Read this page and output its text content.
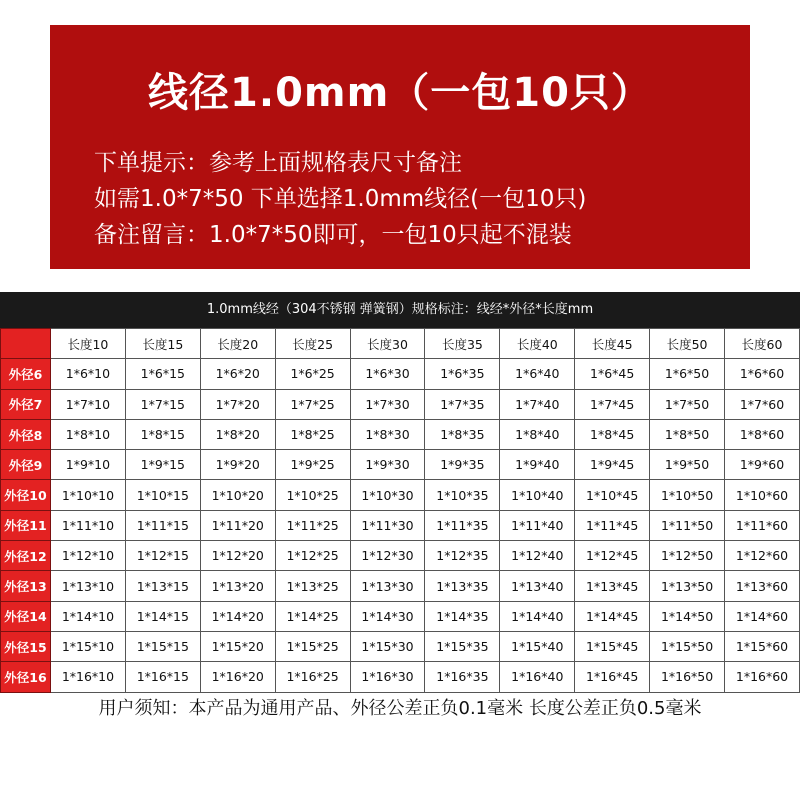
线径1.0mm（一包10只）
下单提示：参考上面规格表尺寸备注
如需1.0*7*50 下单选择1.0mm线径(一包10只)
备注留言：1.0*7*50即可，一包10只起不混装
1.0mm线经（304不锈钢 弹簧钢）规格标注：线经*外径*长度mm
	长度10	长度15	长度20	长度25	长度30	长度35	长度40	长度45	长度50	长度60
外径6	1*6*10	1*6*15	1*6*20	1*6*25	1*6*30	1*6*35	1*6*40	1*6*45	1*6*50	1*6*60
外径7	1*7*10	1*7*15	1*7*20	1*7*25	1*7*30	1*7*35	1*7*40	1*7*45	1*7*50	1*7*60
外径8	1*8*10	1*8*15	1*8*20	1*8*25	1*8*30	1*8*35	1*8*40	1*8*45	1*8*50	1*8*60
外径9	1*9*10	1*9*15	1*9*20	1*9*25	1*9*30	1*9*35	1*9*40	1*9*45	1*9*50	1*9*60
外径10	1*10*10	1*10*15	1*10*20	1*10*25	1*10*30	1*10*35	1*10*40	1*10*45	1*10*50	1*10*60
外径11	1*11*10	1*11*15	1*11*20	1*11*25	1*11*30	1*11*35	1*11*40	1*11*45	1*11*50	1*11*60
外径12	1*12*10	1*12*15	1*12*20	1*12*25	1*12*30	1*12*35	1*12*40	1*12*45	1*12*50	1*12*60
外径13	1*13*10	1*13*15	1*13*20	1*13*25	1*13*30	1*13*35	1*13*40	1*13*45	1*13*50	1*13*60
外径14	1*14*10	1*14*15	1*14*20	1*14*25	1*14*30	1*14*35	1*14*40	1*14*45	1*14*50	1*14*60
外径15	1*15*10	1*15*15	1*15*20	1*15*25	1*15*30	1*15*35	1*15*40	1*15*45	1*15*50	1*15*60
外径16	1*16*10	1*16*15	1*16*20	1*16*25	1*16*30	1*16*35	1*16*40	1*16*45	1*16*50	1*16*60
用户须知：本产品为通用产品、外径公差正负0.1毫米 长度公差正负0.5毫米
